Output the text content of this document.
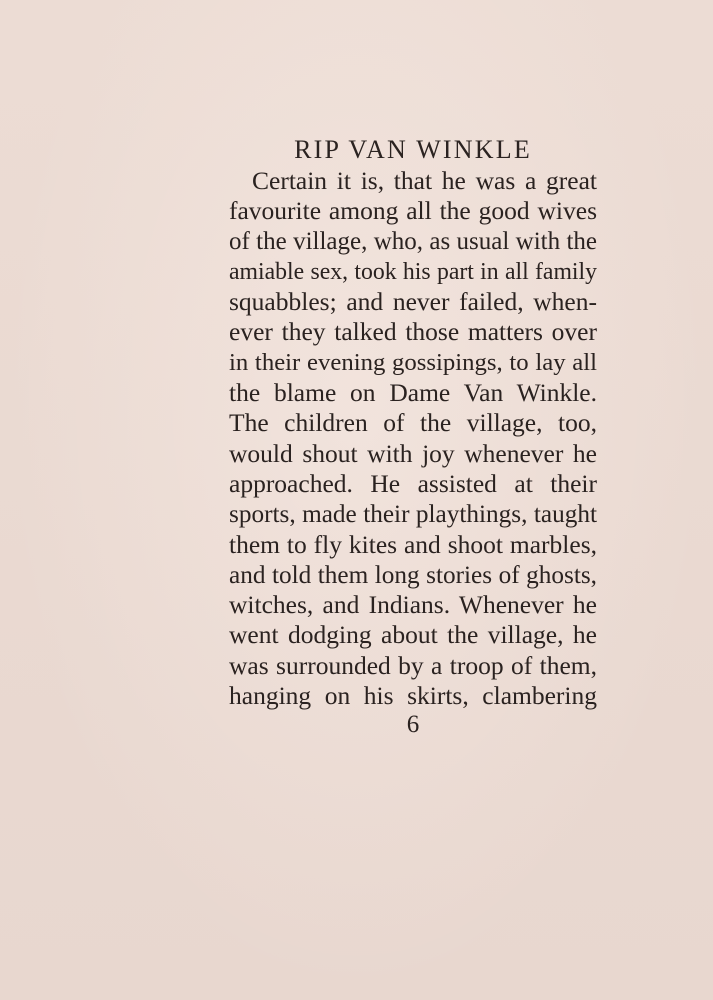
RIP VAN WINKLE
Certain it is, that he was a great
favourite among all the good wives
of the village, who, as usual with the
amiable sex, took his part in all family
squabbles; and never failed, when-
ever they talked those matters over
in their evening gossipings, to lay all
the blame on Dame Van Winkle.
The children of the village, too,
would shout with joy whenever he
approached. He assisted at their
sports, made their playthings, taught
them to fly kites and shoot marbles,
and told them long stories of ghosts,
witches, and Indians. Whenever he
went dodging about the village, he
was surrounded by a troop of them,
hanging on his skirts, clambering
6
